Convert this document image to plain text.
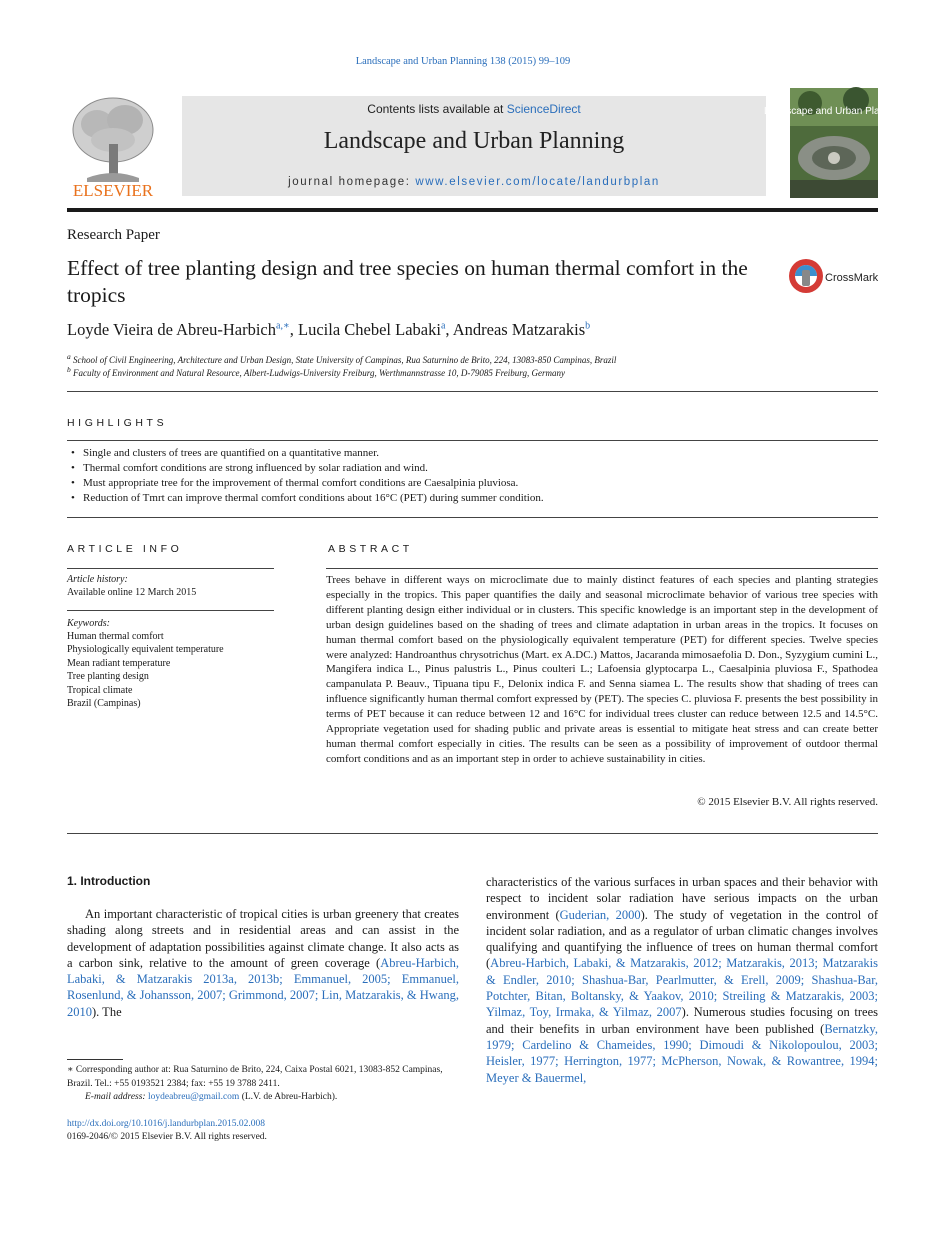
Landscape and Urban Planning 138 (2015) 99–109
ELSEVIER
Contents lists available at ScienceDirect
Landscape and Urban Planning
journal homepage: www.elsevier.com/locate/landurbplan
Landscape and Urban Planning
Research Paper
Effect of tree planting design and tree species on human thermal comfort in the tropics
CrossMark
Loyde Vieira de Abreu-Harbich$^{a,∗}$, Lucila Chebel Labaki$^a$, Andreas Matzarakis$^b$
$^a$ School of Civil Engineering, Architecture and Urban Design, State University of Campinas, Rua Saturnino de Brito, 224, 13083-850 Campinas, Brazil
$^b$ Faculty of Environment and Natural Resource, Albert-Ludwigs-University Freiburg, Werthmannstrasse 10, D-79085 Freiburg, Germany
HIGHLIGHTS
• Single and clusters of trees are quantified on a quantitative manner.
• Thermal comfort conditions are strong influenced by solar radiation and wind.
• Must appropriate tree for the improvement of thermal comfort conditions are Caesalpinia pluviosa.
• Reduction of Tmrt can improve thermal comfort conditions about 16°C (PET) during summer condition.
ARTICLE INFO
Article history:
Available online 12 March 2015
Keywords:
Human thermal comfort
Physiologically equivalent temperature
Mean radiant temperature
Tree planting design
Tropical climate
Brazil (Campinas)
ABSTRACT
Trees behave in different ways on microclimate due to mainly distinct features of each species and planting strategies especially in the tropics. This paper quantifies the daily and seasonal microclimate behavior of various tree species with different planting design either individual or in clusters. This specific knowledge is an important step in the development of urban design guidelines based on the shading of trees and climate adaptation in urban areas in the tropics. It focuses on human thermal comfort based on the physiologically equivalent temperature (PET) for different species. Twelve species were analyzed: Handroanthus chrysotrichus (Mart. ex A.DC.) Mattos, Jacaranda mimosaefolia D. Don., Syzygium cumini L., Mangifera indica L., Pinus palustris L., Pinus coulteri L.; Lafoensia glyptocarpa L., Caesalpinia pluviosa F., Spathodea campanulata P. Beauv., Tipuana tipu F., Delonix indica F. and Senna siamea L. The results show that shading of trees can influence significantly human thermal comfort expressed by (PET). The species C. pluviosa F. presents the best possibility in terms of PET because it can reduce between 12 and 16°C for individual trees cluster can reduce between 12.5 and 14.5°C. Appropriate vegetation used for shading public and private areas is essential to mitigate heat stress and can create better human thermal comfort especially in cities. The results can be seen as a possibility of improvement of outdoor thermal comfort conditions and as an important step in order to achieve sustainability in cities.
© 2015 Elsevier B.V. All rights reserved.
1. Introduction
An important characteristic of tropical cities is urban greenery that creates shading along streets and in residential areas and can assist in the development of adaptation possibilities against climate change. It also acts as a carbon sink, relative to the amount of green coverage (Abreu-Harbich, Labaki, & Matzarakis 2013a, 2013b; Emmanuel, 2005; Emmanuel, Rosenlund, & Johansson, 2007; Grimmond, 2007; Lin, Matzarakis, & Hwang, 2010). The
characteristics of the various surfaces in urban spaces and their behavior with respect to incident solar radiation have serious impacts on the urban environment (Guderian, 2000). The study of vegetation in the control of incident solar radiation, and as a regulator of urban climatic changes involves qualifying and quantifying the influence of trees on human thermal comfort (Abreu-Harbich, Labaki, & Matzarakis, 2012; Matzarakis, 2013; Matzarakis & Endler, 2010; Shashua-Bar, Pearlmutter, & Erell, 2009; Shashua-Bar, Potchter, Bitan, Boltansky, & Yaakov, 2010; Streiling & Matzarakis, 2003; Yilmaz, Toy, Irmaka, & Yilmaz, 2007). Numerous studies focusing on trees and their benefits in urban environment have been published (Bernatzky, 1979; Cardelino & Chameides, 1990; Dimoudi & Nikolopoulou, 2003; Heisler, 1977; Herrington, 1977; McPherson, Nowak, & Rowantree, 1994; Meyer & Bauermel,
∗ Corresponding author at: Rua Saturnino de Brito, 224, Caixa Postal 6021, 13083-852 Campinas, Brazil. Tel.: +55 0193521 2384; fax: +55 19 3788 2411.
E-mail address: loydeabreu@gmail.com (L.V. de Abreu-Harbich).
http://dx.doi.org/10.1016/j.landurbplan.2015.02.008
0169-2046/© 2015 Elsevier B.V. All rights reserved.
